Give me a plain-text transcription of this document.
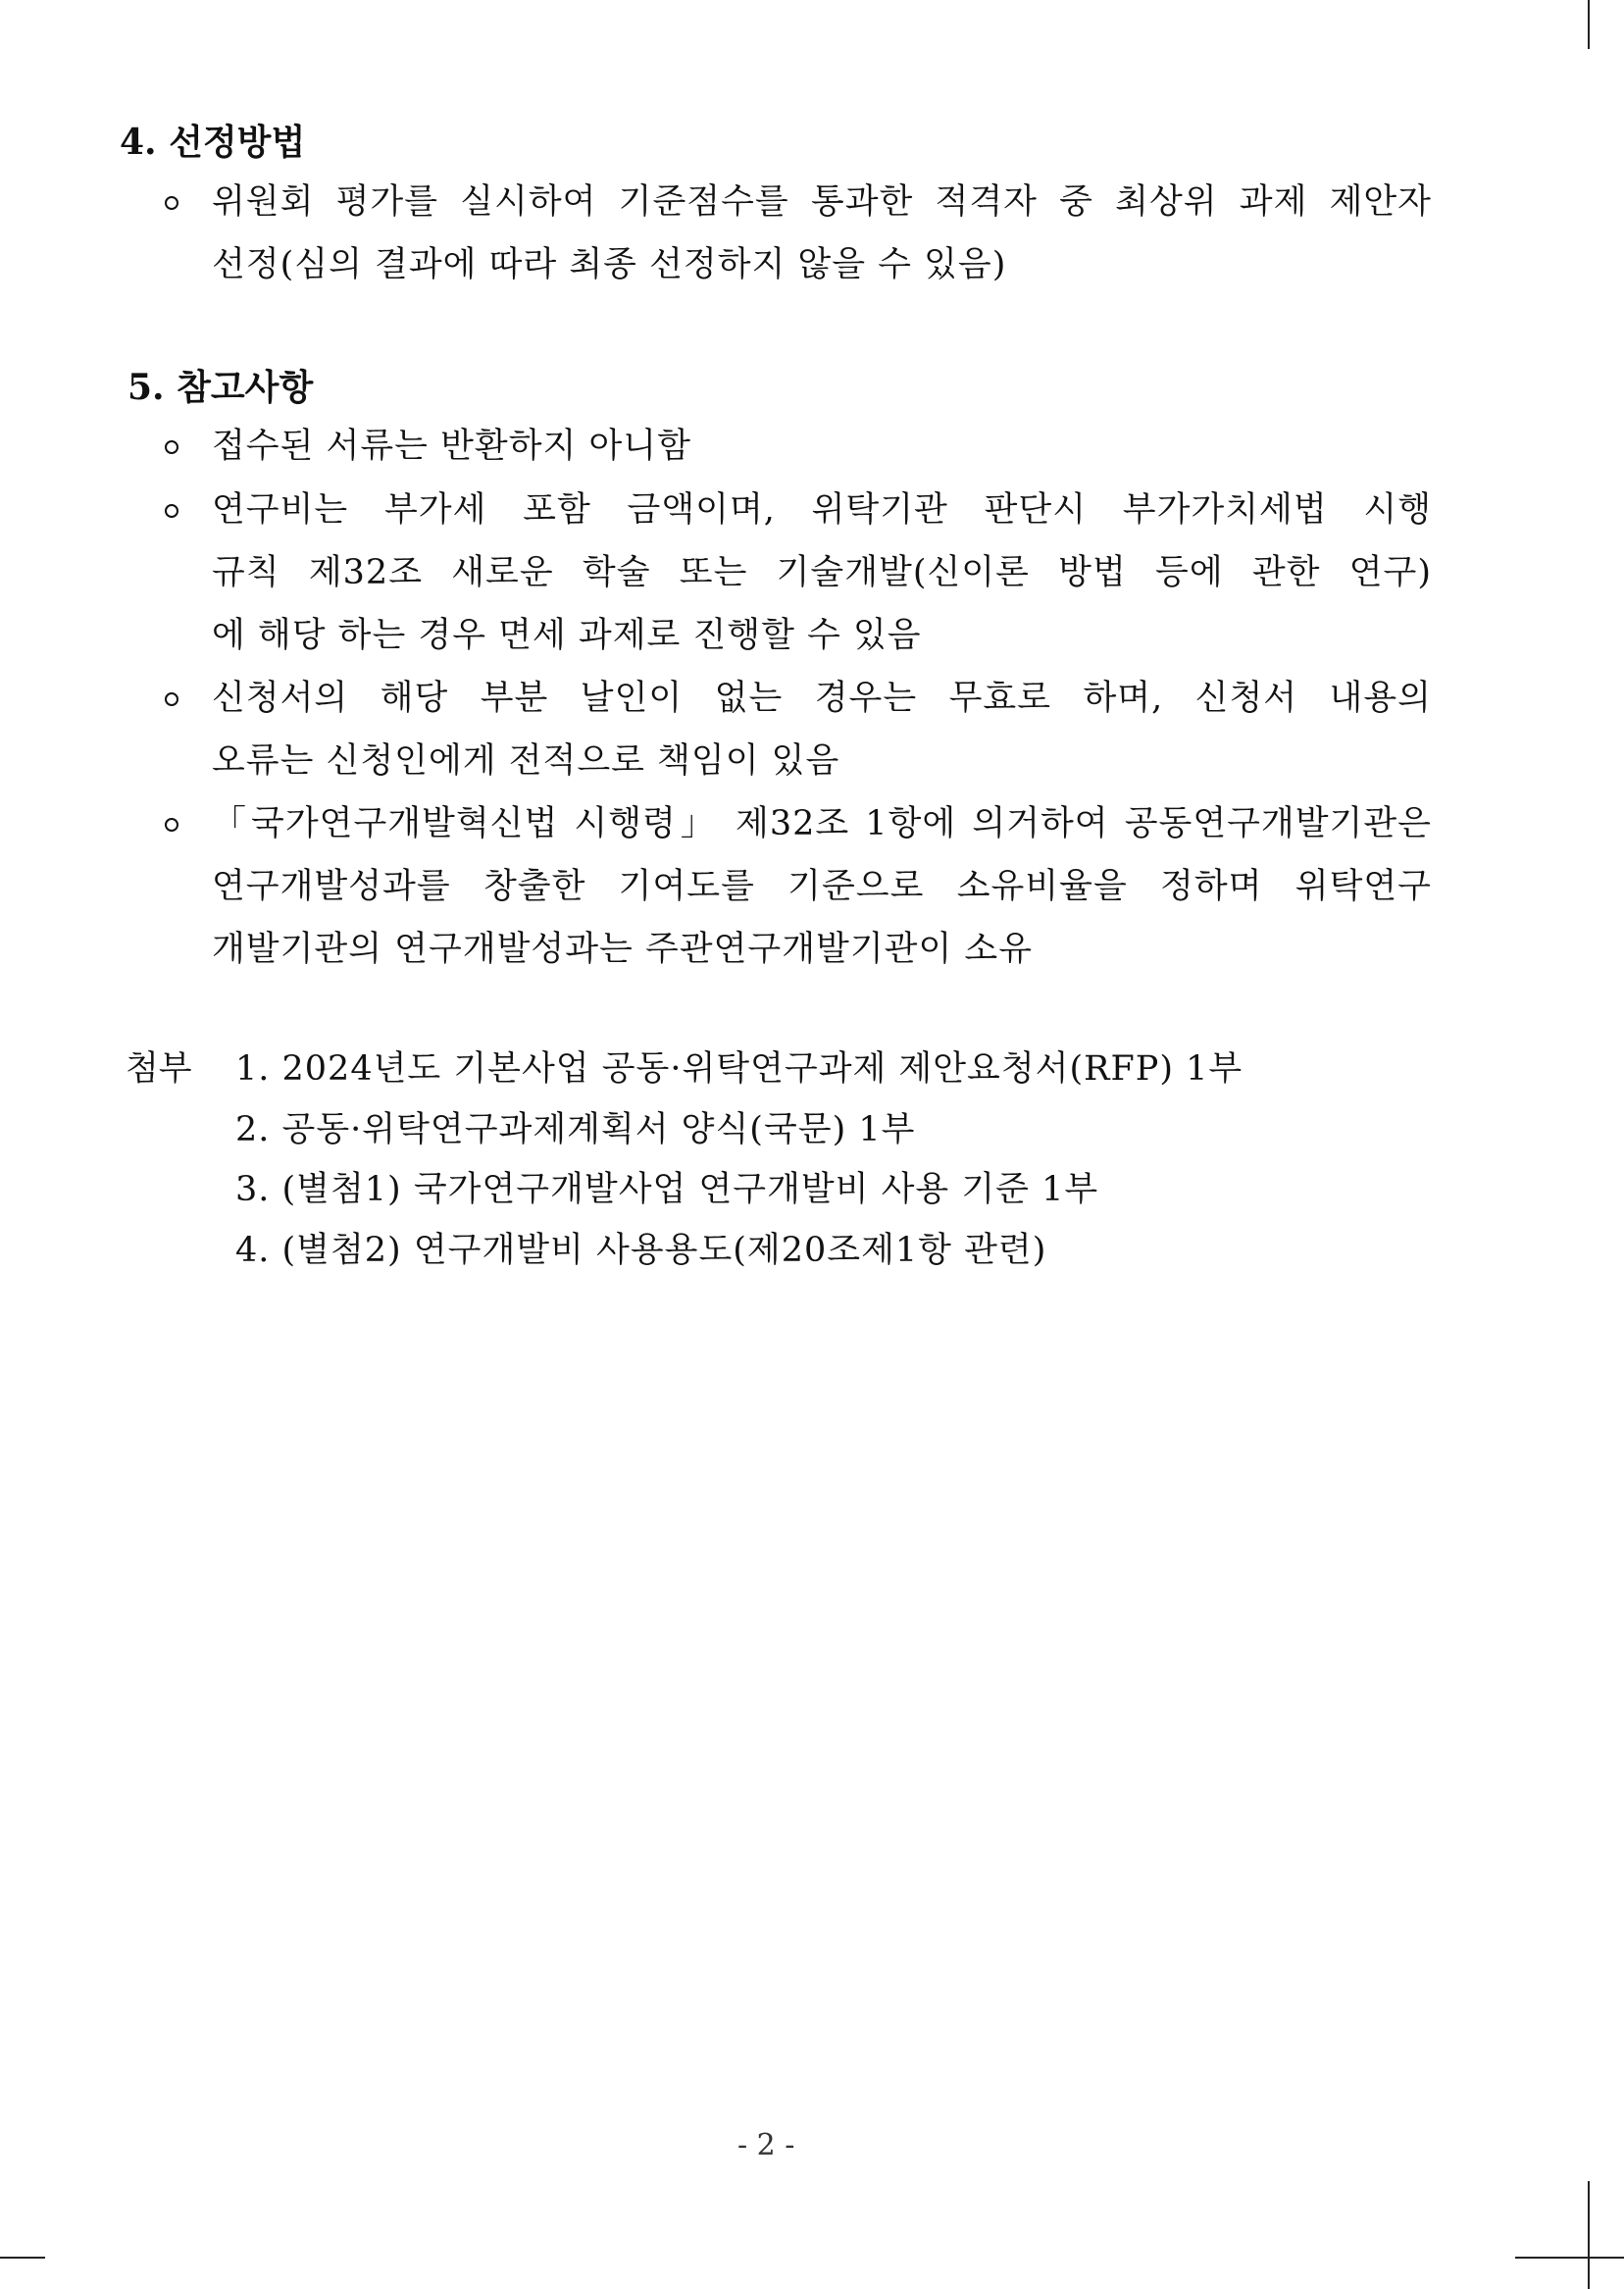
4. 선정방법
위원회 평가를 실시하여 기준점수를 통과한 적격자 중 최상위 과제 제안자
선정(심의 결과에 따라 최종 선정하지 않을 수 있음)
5. 참고사항
접수된 서류는 반환하지 아니함
연구비는 부가세 포함 금액이며, 위탁기관 판단시 부가가치세법 시행
규칙 제32조 새로운 학술 또는 기술개발(신이론 방법 등에 관한 연구)
에 해당 하는 경우 면세 과제로 진행할 수 있음
신청서의 해당 부분 날인이 없는 경우는 무효로 하며, 신청서 내용의
오류는 신청인에게 전적으로 책임이 있음
「국가연구개발혁신법 시행령」 제32조 1항에 의거하여 공동연구개발기관은
연구개발성과를 창출한 기여도를 기준으로 소유비율을 정하며 위탁연구
개발기관의 연구개발성과는 주관연구개발기관이 소유
첨부 1. 2024년도 기본사업 공동·위탁연구과제 제안요청서(RFP) 1부
2. 공동·위탁연구과제계획서 양식(국문) 1부
3. (별첨1) 국가연구개발사업 연구개발비 사용 기준 1부
4. (별첨2) 연구개발비 사용용도(제20조제1항 관련)
- 2 -
